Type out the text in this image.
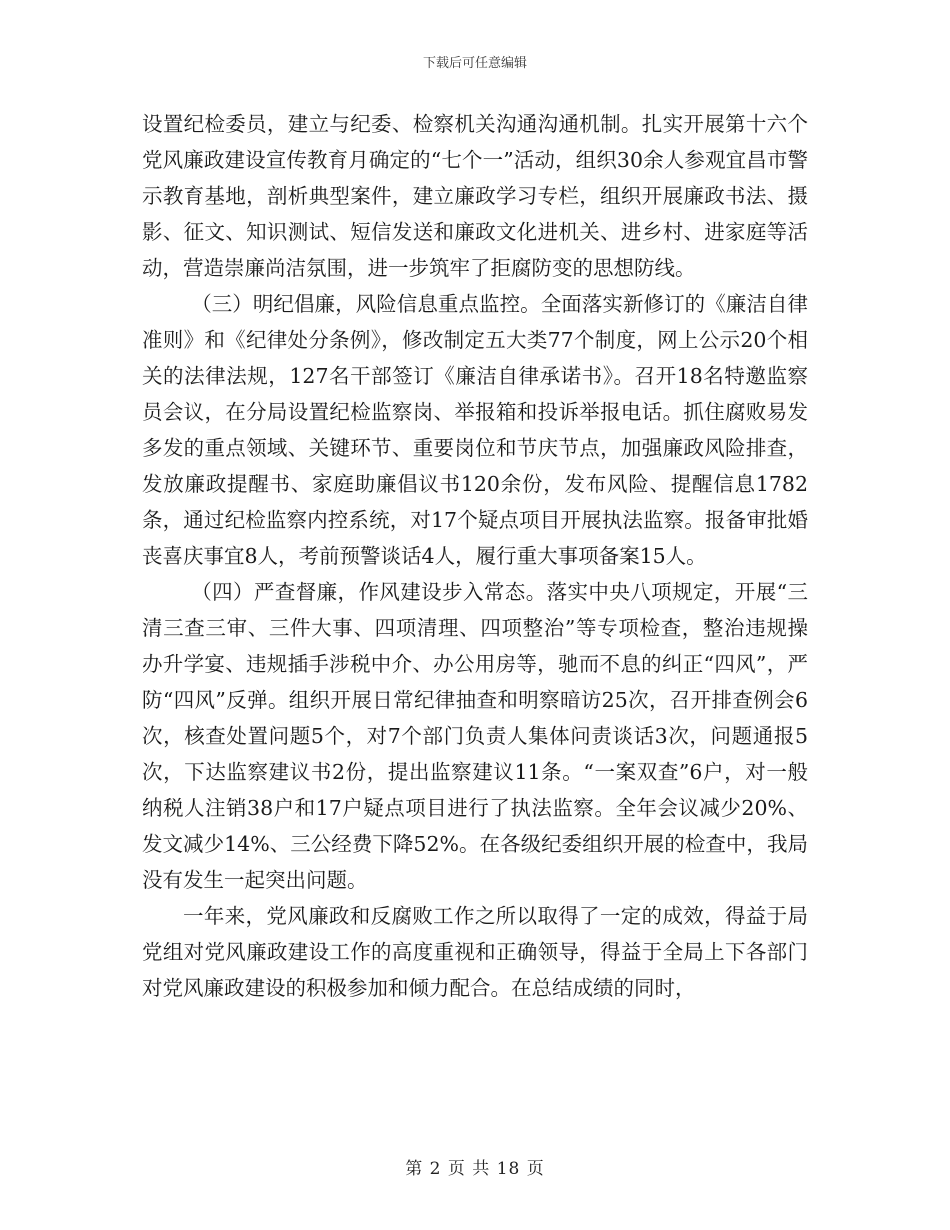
下载后可任意编辑

设置纪检委员，建立与纪委、检察机关沟通沟通机制。扎实开展第十六个党风廉政建设宣传教育月确定的“七个一”活动，组织30余人参观宜昌市警示教育基地，剖析典型案件，建立廉政学习专栏，组织开展廉政书法、摄影、征文、知识测试、短信发送和廉政文化进机关、进乡村、进家庭等活动，营造崇廉尚洁氛围，进一步筑牢了拒腐防变的思想防线。

（三）明纪倡廉，风险信息重点监控。全面落实新修订的《廉洁自律准则》和《纪律处分条例》，修改制定五大类77个制度，网上公示20个相关的法律法规，127名干部签订《廉洁自律承诺书》。召开18名特邀监察员会议，在分局设置纪检监察岗、举报箱和投诉举报电话。抓住腐败易发多发的重点领域、关键环节、重要岗位和节庆节点，加强廉政风险排查，发放廉政提醒书、家庭助廉倡议书120余份，发布风险、提醒信息1782条，通过纪检监察内控系统，对17个疑点项目开展执法监察。报备审批婚丧喜庆事宜8人，考前预警谈话4人，履行重大事项备案15人。

（四）严查督廉，作风建设步入常态。落实中央八项规定，开展“三清三查三审、三件大事、四项清理、四项整治”等专项检查，整治违规操办升学宴、违规插手涉税中介、办公用房等，驰而不息的纠正“四风”，严防“四风”反弹。组织开展日常纪律抽查和明察暗访25次，召开排查例会6次，核查处置问题5个，对7个部门负责人集体问责谈话3次，问题通报5次，下达监察建议书2份，提出监察建议11条。“一案双查”6户，对一般纳税人注销38户和17户疑点项目进行了执法监察。全年会议减少20%、发文减少14%、三公经费下降52%。在各级纪委组织开展的检查中，我局没有发生一起突出问题。

一年来，党风廉政和反腐败工作之所以取得了一定的成效，得益于局党组对党风廉政建设工作的高度重视和正确领导，得益于全局上下各部门对党风廉政建设的积极参加和倾力配合。在总结成绩的同时，

第 2 页 共 18 页
